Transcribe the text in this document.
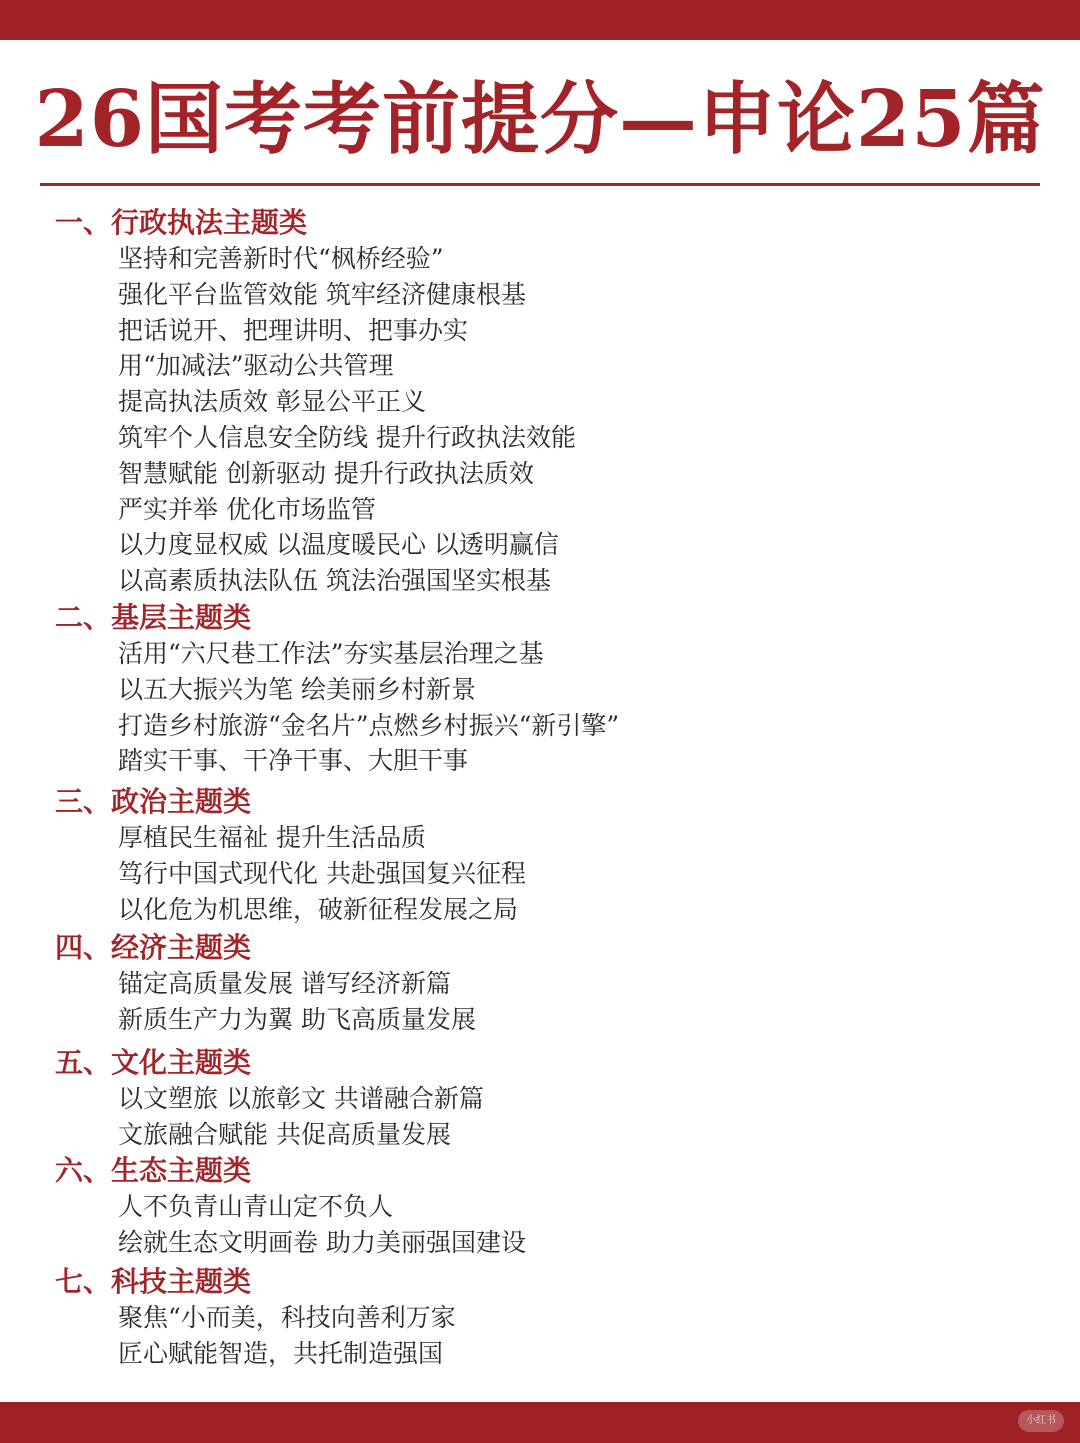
26国考考前提分—申论25篇
一、行政执法主题类
坚持和完善新时代“枫桥经验”
强化平台监管效能 筑牢经济健康根基
把话说开、把理讲明、把事办实
用“加减法”驱动公共管理
提高执法质效 彰显公平正义
筑牢个人信息安全防线 提升行政执法效能
智慧赋能 创新驱动 提升行政执法质效
严实并举 优化市场监管
以力度显权威 以温度暖民心 以透明赢信
以高素质执法队伍 筑法治强国坚实根基
二、基层主题类
活用“六尺巷工作法”夯实基层治理之基
以五大振兴为笔 绘美丽乡村新景
打造乡村旅游“金名片”点燃乡村振兴“新引擎”
踏实干事、干净干事、大胆干事
三、政治主题类
厚植民生福祉 提升生活品质
笃行中国式现代化 共赴强国复兴征程
以化危为机思维，破新征程发展之局
四、经济主题类
锚定高质量发展 谱写经济新篇
新质生产力为翼 助飞高质量发展
五、文化主题类
以文塑旅 以旅彰文 共谱融合新篇
文旅融合赋能 共促高质量发展
六、生态主题类
人不负青山青山定不负人
绘就生态文明画卷 助力美丽强国建设
七、科技主题类
聚焦“小而美，科技向善利万家
匠心赋能智造，共托制造强国
小红书
